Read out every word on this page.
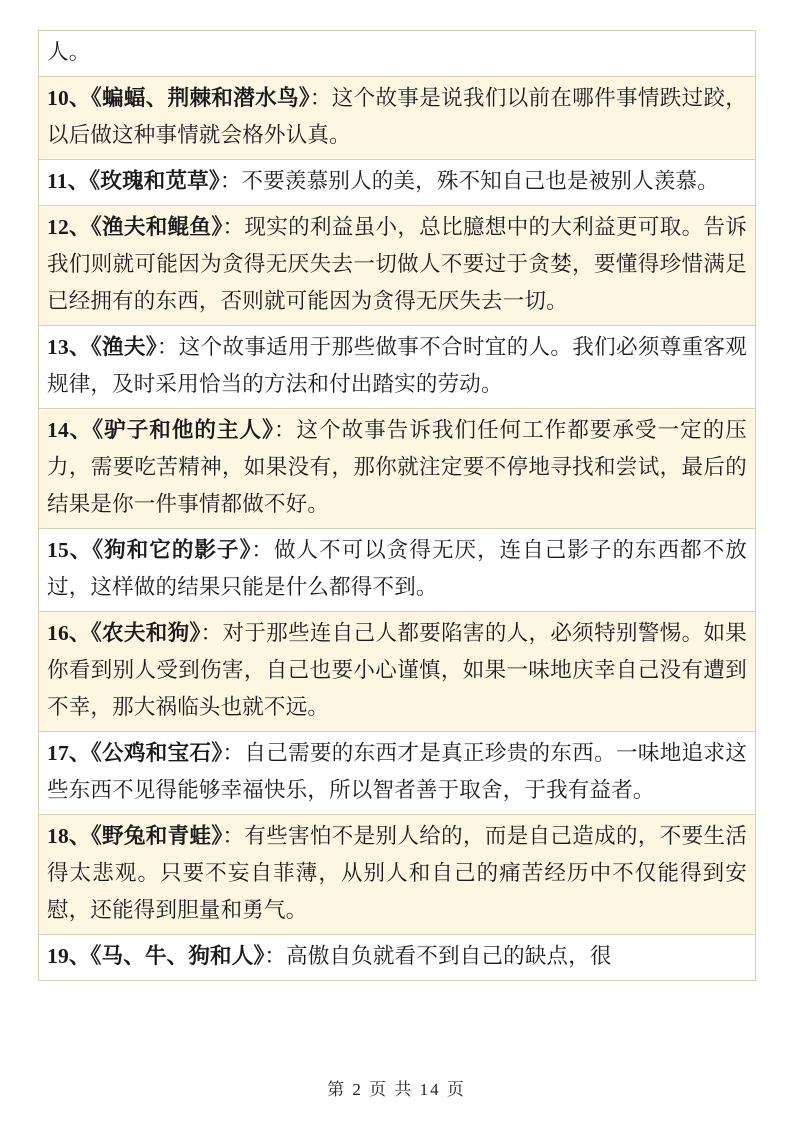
人。
10、《蝙蝠、荆棘和潜水鸟》：这个故事是说我们以前在哪件事情跌过跤，以后做这种事情就会格外认真。
11、《玫瑰和苋草》：不要羡慕别人的美，殊不知自己也是被别人羡慕。
12、《渔夫和鲲鱼》：现实的利益虽小，总比臆想中的大利益更可取。告诉我们则就可能因为贪得无厌失去一切做人不要过于贪婪，要懂得珍惜满足已经拥有的东西，否则就可能因为贪得无厌失去一切。
13、《渔夫》：这个故事适用于那些做事不合时宜的人。我们必须尊重客观规律，及时采用恰当的方法和付出踏实的劳动。
14、《驴子和他的主人》：这个故事告诉我们任何工作都要承受一定的压力，需要吃苦精神，如果没有，那你就注定要不停地寻找和尝试，最后的结果是你一件事情都做不好。
15、《狗和它的影子》：做人不可以贪得无厌，连自己影子的东西都不放过，这样做的结果只能是什么都得不到。
16、《农夫和狗》：对于那些连自己人都要陷害的人，必须特别警惕。如果你看到别人受到伤害，自己也要小心谨慎，如果一味地庆幸自己没有遭到不幸，那大祸临头也就不远。
17、《公鸡和宝石》：自己需要的东西才是真正珍贵的东西。一味地追求这些东西不见得能够幸福快乐，所以智者善于取舍，于我有益者。
18、《野兔和青蛙》：有些害怕不是别人给的，而是自己造成的，不要生活得太悲观。只要不妄自菲薄，从别人和自己的痛苦经历中不仅能得到安慰，还能得到胆量和勇气。
19、《马、牛、狗和人》：高傲自负就看不到自己的缺点，很
第 2 页 共 14 页
